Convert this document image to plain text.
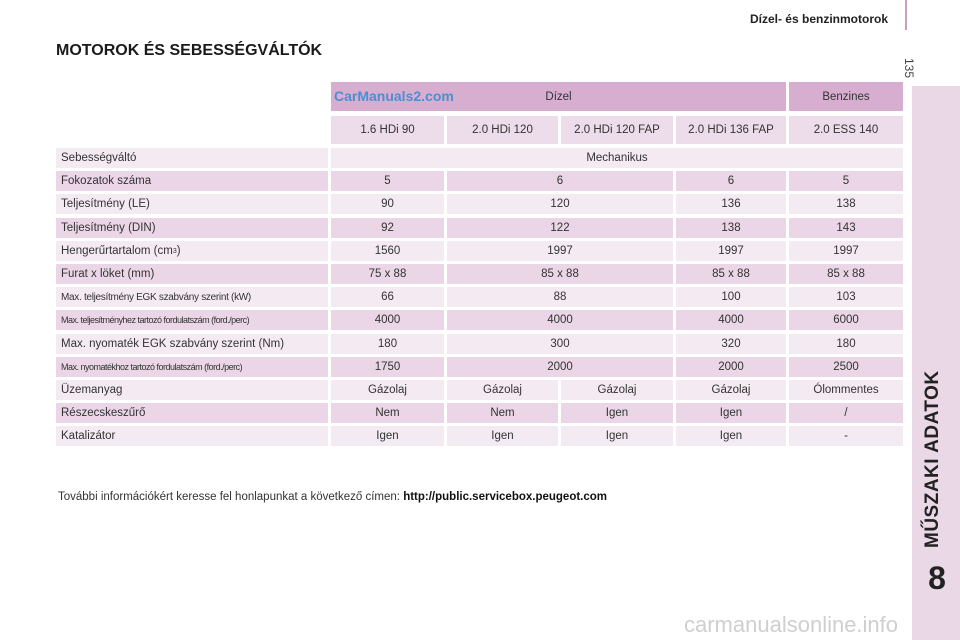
Dízel- és benzinmotorok
135
MŰSZAKI ADATOK
8
MOTOROK ÉS SEBESSÉGVÁLTÓK
Dízel	Benzines
1.6 HDi 90	2.0 HDi 120	2.0 HDi 120 FAP	2.0 HDi 136 FAP	2.0 ESS 140
Sebességváltó	Mechanikus
Fokozatok száma	5	6	6	5
Teljesítmény (LE)	90	120	136	138
Teljesítmény (DIN)	92	122	138	143
Hengerűrtartalom (cm 3 )	1560	1997	1997	1997
Furat x löket (mm)	75 x 88	85 x 88	85 x 88	85 x 88
Max. teljesítmény EGK szabvány szerint (kW)	66	88	100	103
Max. teljesítményhez tartozó fordulatszám (ford./perc)	4000	4000	4000	6000
Max. nyomaték EGK szabvány szerint (Nm)	180	300	320	180
Max. nyomatékhoz tartozó fordulatszám (ford./perc)	1750	2000	2000	2500
Üzemanyag	Gázolaj	Gázolaj	Gázolaj	Gázolaj	Ólommentes
Részecskeszűrő	Nem	Nem	Igen	Igen	/
Katalizátor	Igen	Igen	Igen	Igen	-
CarManuals2.com
További információkért keresse fel honlapunkat a következő címen: http://public.servicebox.peugeot.com
carmanualsonline.info
